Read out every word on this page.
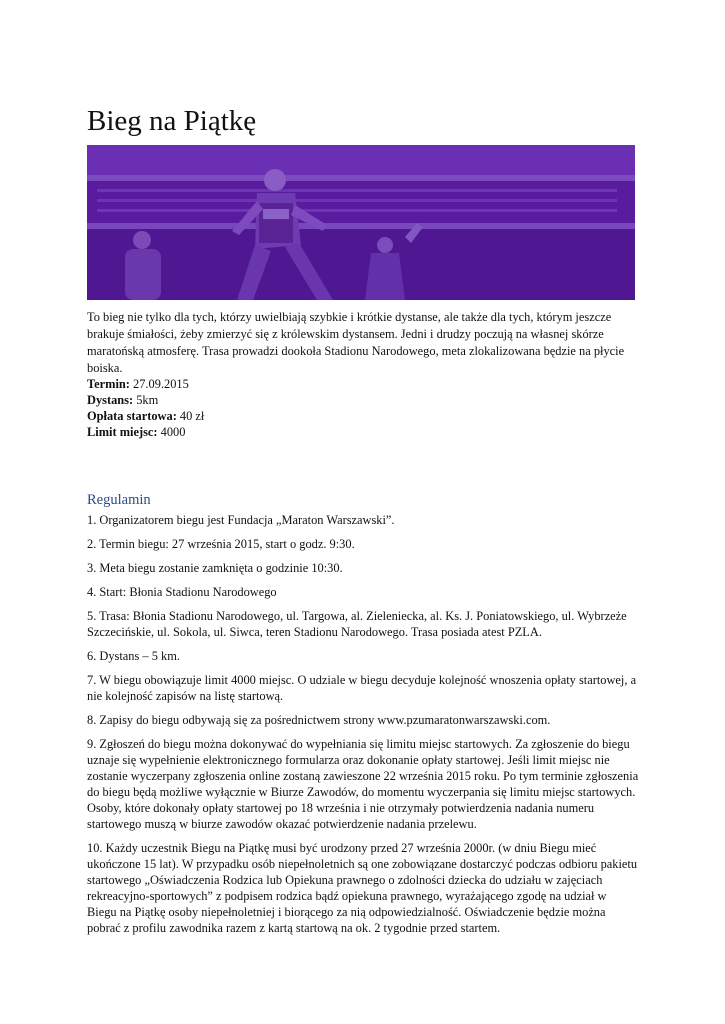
Bieg na Piątkę

To bieg nie tylko dla tych, którzy uwielbiają szybkie i krótkie dystanse, ale także dla tych, którym jeszcze brakuje śmiałości, żeby zmierzyć się z królewskim dystansem. Jedni i drudzy poczują na własnej skórze maratońską atmosferę. Trasa prowadzi dookoła Stadionu Narodowego, meta zlokalizowana będzie na płycie boiska.

Termin: 27.09.2015
Dystans: 5km
Opłata startowa: 40 zł
Limit miejsc: 4000
Regulamin

1. Organizatorem biegu jest Fundacja „Maraton Warszawski”.

2. Termin biegu: 27 września 2015, start o godz. 9:30.

3. Meta biegu zostanie zamknięta o godzinie 10:30.

4. Start: Błonia Stadionu Narodowego

5. Trasa: Błonia Stadionu Narodowego, ul. Targowa, al. Zieleniecka, al. Ks. J. Poniatowskiego, ul. Wybrzeże Szczecińskie, ul. Sokola, ul. Siwca, teren Stadionu Narodowego. Trasa posiada atest PZLA.

6. Dystans – 5 km.

7. W biegu obowiązuje limit 4000 miejsc. O udziale w biegu decyduje kolejność wnoszenia opłaty startowej, a nie kolejność zapisów na listę startową.

8. Zapisy do biegu odbywają się za pośrednictwem strony www.pzumaratonwarszawski.com.

9. Zgłoszeń do biegu można dokonywać do wypełniania się limitu miejsc startowych. Za zgłoszenie do biegu uznaje się wypełnienie elektronicznego formularza oraz dokonanie opłaty startowej. Jeśli limit miejsc nie zostanie wyczerpany zgłoszenia online zostaną zawieszone 22 września 2015 roku. Po tym terminie zgłoszenia do biegu będą możliwe wyłącznie w Biurze Zawodów, do momentu wyczerpania się limitu miejsc startowych. Osoby, które dokonały opłaty startowej po 18 września i nie otrzymały potwierdzenia nadania numeru startowego muszą w biurze zawodów okazać potwierdzenie nadania przelewu.

10. Każdy uczestnik Biegu na Piątkę musi być urodzony przed 27 września 2000r. (w dniu Biegu mieć ukończone 15 lat). W przypadku osób niepełnoletnich są one zobowiązane dostarczyć podczas odbioru pakietu startowego „Oświadczenia Rodzica lub Opiekuna prawnego o zdolności dziecka do udziału w zajęciach rekreacyjno-sportowych” z podpisem rodzica bądź opiekuna prawnego, wyrażającego zgodę na udział w Biegu na Piątkę osoby niepełnoletniej i biorącego za nią odpowiedzialność. Oświadczenie będzie można pobrać z profilu zawodnika razem z kartą startową na ok. 2 tygodnie przed startem.
